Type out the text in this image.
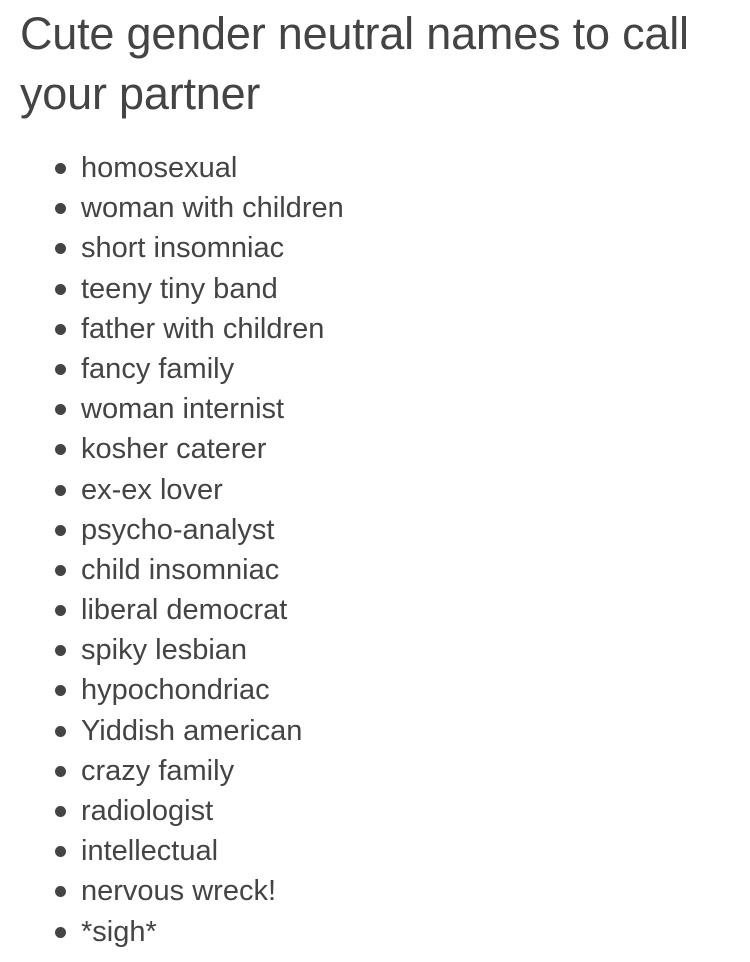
Cute gender neutral names to call your partner
homosexual
woman with children
short insomniac
teeny tiny band
father with children
fancy family
woman internist
kosher caterer
ex-ex lover
psycho-analyst
child insomniac
liberal democrat
spiky lesbian
hypochondriac
Yiddish american
crazy family
radiologist
intellectual
nervous wreck!
*sigh*
